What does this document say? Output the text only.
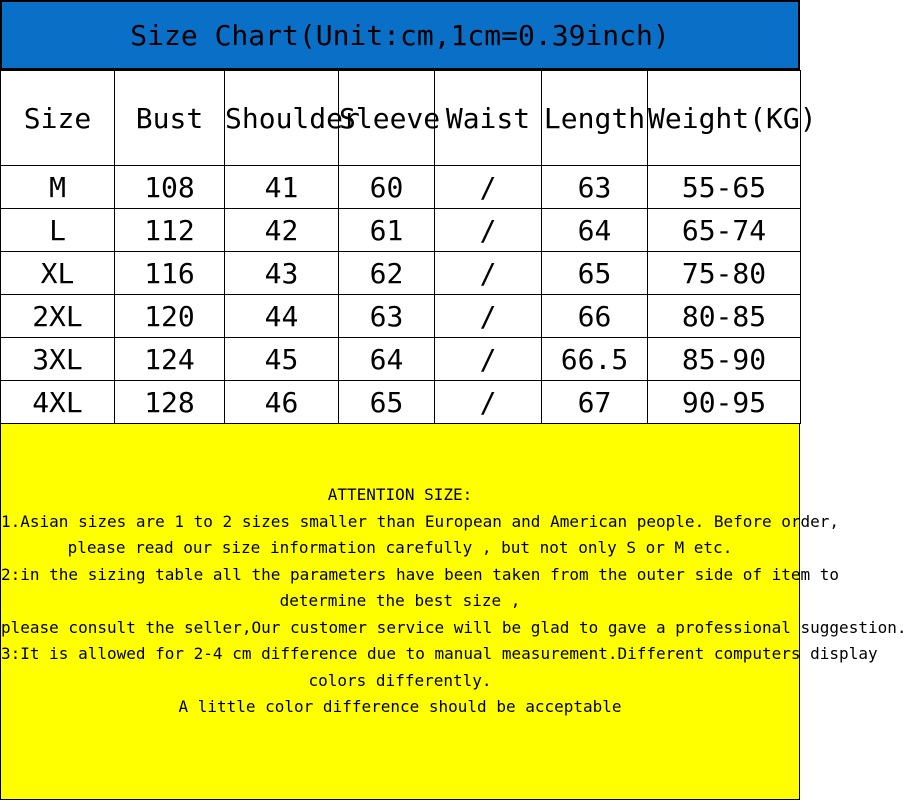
Size Chart(Unit:cm,1cm=0.39inch)
Size	Bust	Shoulder	Sleeve	Waist	Length	Weight(KG)
M	108	41	60	/	63	55-65
L	112	42	61	/	64	65-74
XL	116	43	62	/	65	75-80
2XL	120	44	63	/	66	80-85
3XL	124	45	64	/	66.5	85-90
4XL	128	46	65	/	67	90-95
ATTENTION SIZE:
1.Asian sizes are 1 to 2 sizes smaller than European and American people. Before order,
please read our size information carefully , but not only S or M etc.
2:in the sizing table all the parameters have been taken from the outer side of item to
determine the best size ,
please consult the seller,Our customer service will be glad to gave a professional suggestion.
3:It is allowed for 2-4 cm difference due to manual measurement.Different computers display
colors differently.
A little color difference should be acceptable
